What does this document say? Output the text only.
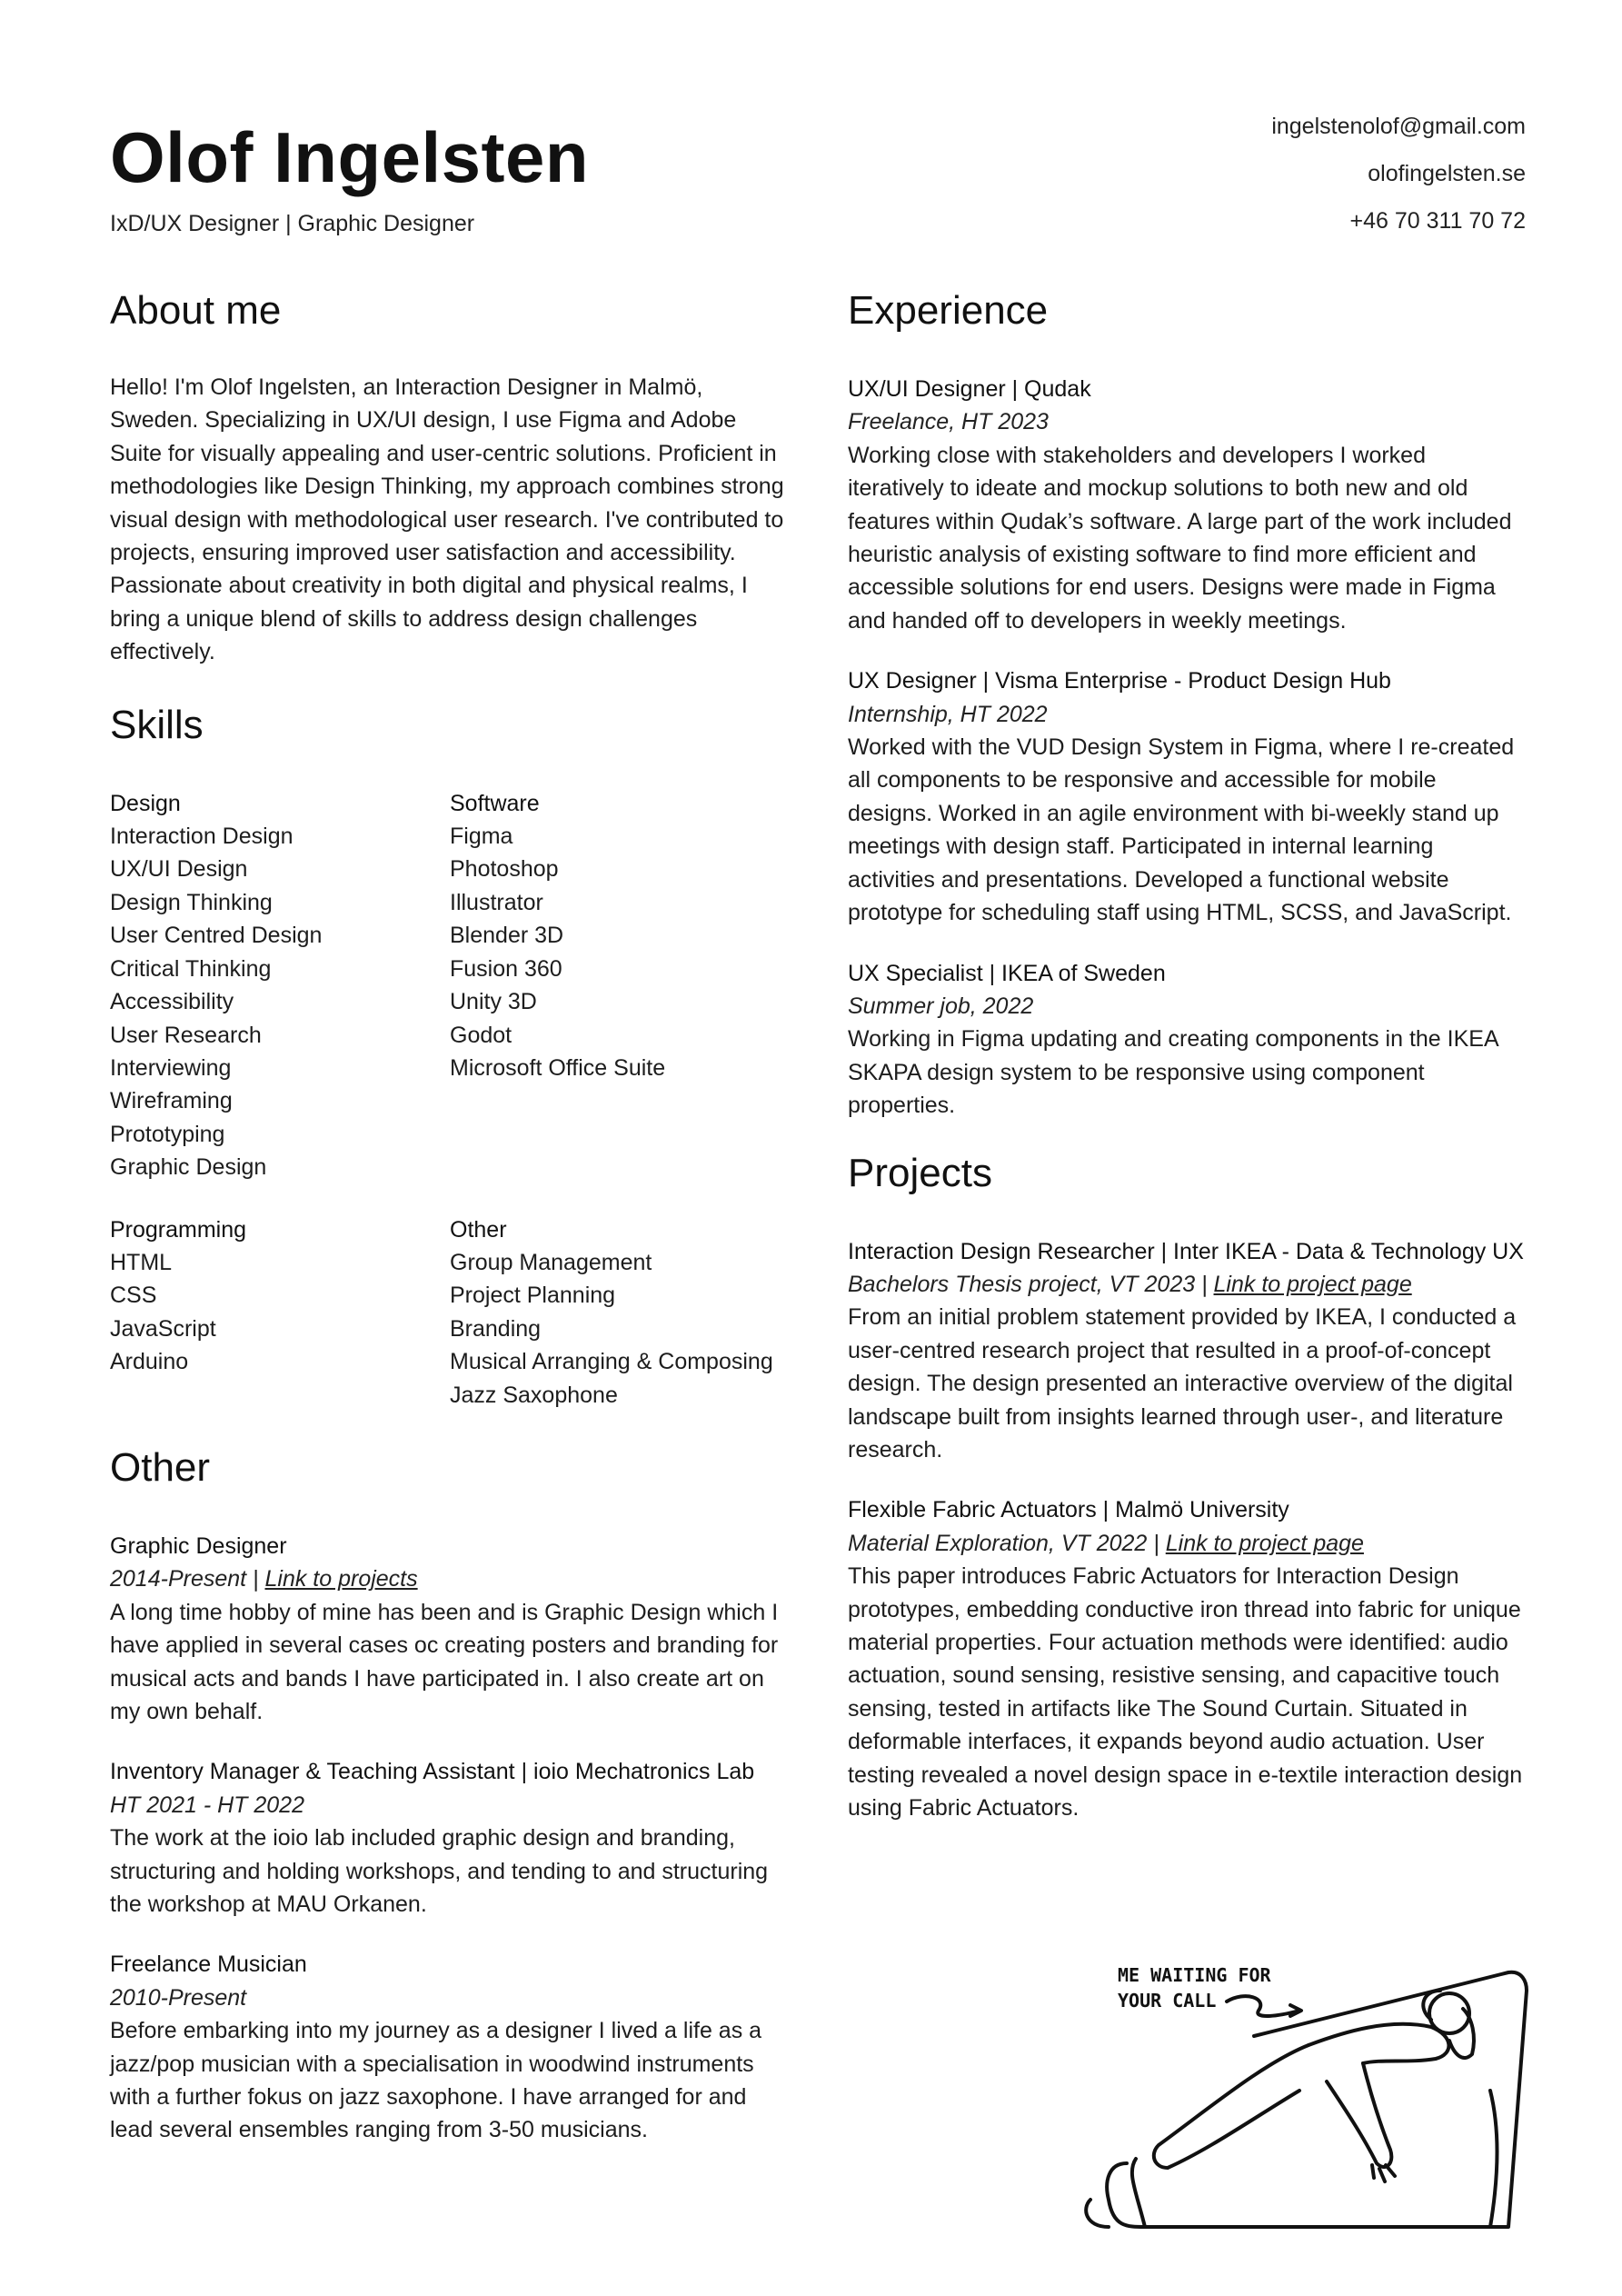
Olof Ingelsten
IxD/UX Designer | Graphic Designer
ingelstenolof@gmail.com
olofingelsten.se
+46 70 311 70 72
About me
Hello! I'm Olof Ingelsten, an Interaction Designer in Malmö, Sweden. Specializing in UX/UI design, I use Figma and Adobe Suite for visually appealing and user-centric solutions. Proficient in methodologies like Design Thinking, my approach combines strong visual design with methodological user research. I've contributed to projects, ensuring improved user satisfaction and accessibility. Passionate about creativity in both digital and physical realms, I bring a unique blend of skills to address design challenges effectively.
Skills
Design
Interaction Design
UX/UI Design
Design Thinking
User Centred Design
Critical Thinking
Accessibility
User Research
Interviewing
Wireframing
Prototyping
Graphic Design
Software
Figma
Photoshop
Illustrator
Blender 3D
Fusion 360
Unity 3D
Godot
Microsoft Office Suite
Programming
HTML
CSS
JavaScript
Arduino
Other
Group Management
Project Planning
Branding
Musical Arranging & Composing
Jazz Saxophone
Other
Graphic Designer
2014-Present | Link to projects
A long time hobby of mine has been and is Graphic Design which I have applied in several cases oc creating posters and branding for musical acts and bands I have participated in. I also create art on my own behalf.
Inventory Manager & Teaching Assistant | ioio Mechatronics Lab
HT 2021 - HT 2022
The work at the ioio lab included graphic design and branding, structuring and holding workshops, and tending to and structuring the workshop at MAU Orkanen.
Freelance Musician
2010-Present
Before embarking into my journey as a designer I lived a life as a jazz/pop musician with a specialisation in woodwind instruments with a further fokus on jazz saxophone. I have arranged for and lead several ensembles ranging from 3-50 musicians.
Experience
UX/UI Designer | Qudak
Freelance, HT 2023
Working close with stakeholders and developers I worked iteratively to ideate and mockup solutions to both new and old features within Qudak’s software. A large part of the work included heuristic analysis of existing software to find more efficient and accessible solutions for end users. Designs were made in Figma and handed off to developers in weekly meetings.
UX Designer | Visma Enterprise - Product Design Hub
Internship, HT 2022
Worked with the VUD Design System in Figma, where I re-created all components to be responsive and accessible for mobile designs. Worked in an agile environment with bi-weekly stand up meetings with design staff. Participated in internal learning activities and presentations. Developed a functional website prototype for scheduling staff using HTML, SCSS, and JavaScript.
UX Specialist | IKEA of Sweden
Summer job, 2022
Working in Figma updating and creating components in the IKEA SKAPA design system to be responsive using component properties.
Projects
Interaction Design Researcher | Inter IKEA - Data & Technology UX
Bachelors Thesis project, VT 2023 | Link to project page
From an initial problem statement provided by IKEA, I conducted a user-centred research project that resulted in a proof-of-concept design. The design presented an interactive overview of the digital landscape built from insights learned through user-, and literature research.
Flexible Fabric Actuators | Malmö University
Material Exploration, VT 2022 | Link to project page
This paper introduces Fabric Actuators for Interaction Design prototypes, embedding conductive iron thread into fabric for unique material properties. Four actuation methods were identified: audio actuation, sound sensing, resistive sensing, and capacitive touch sensing, tested in artifacts like The Sound Curtain. Situated in deformable interfaces, it expands beyond audio actuation. User testing revealed a novel design space in e-textile interaction design using Fabric Actuators.
ME WAITING FOR
YOUR CALL
